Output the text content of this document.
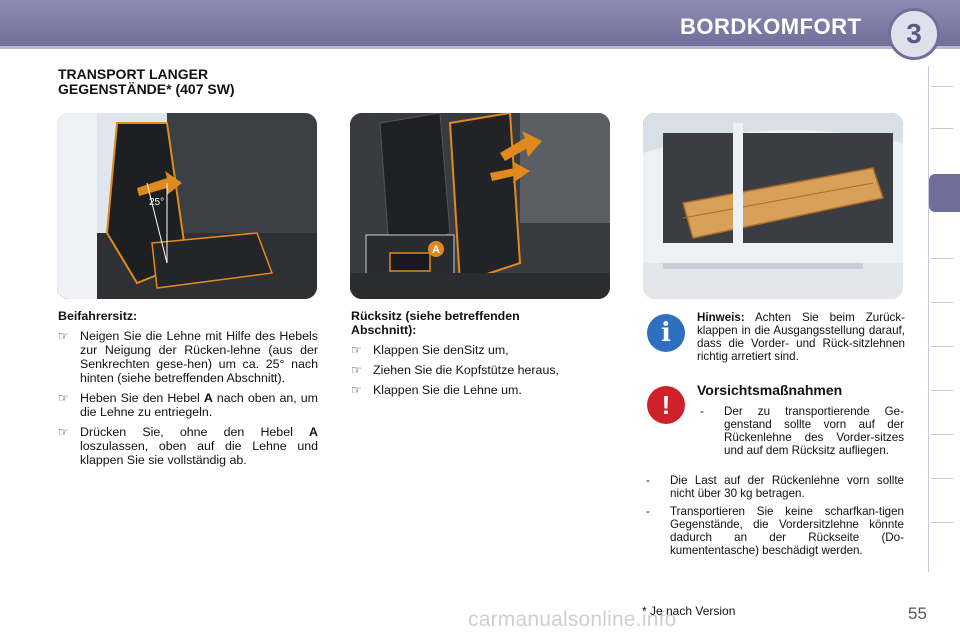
BORDKOMFORT	3
TRANSPORT LANGER
GEGENSTÄNDE* (407 SW)
25°
A
Beifahrersitz:
☞ Neigen Sie die Lehne mit Hilfe des Hebels zur Neigung der Rücken-lehne (aus der Senkrechten gese-hen) um ca. 25° nach hinten (siehe betreffenden Abschnitt).
☞ Heben Sie den Hebel A nach oben an, um die Lehne zu entriegeln.
☞ Drücken Sie, ohne den Hebel A loszulassen, oben auf die Lehne und klappen Sie sie vollständig ab.
Rücksitz (siehe betreffenden
Abschnitt):
☞ Klappen Sie denSitz um,
☞ Ziehen Sie die Kopfstütze heraus,
☞ Klappen Sie die Lehne um.
i
Hinweis: Achten Sie beim Zurück-klappen in die Ausgangsstellung darauf, dass die Vorder- und Rück-sitzlehnen richtig arretiert sind.
!	Vorsichtsmaßnahmen
- Der zu transportierende Ge-genstand sollte vorn auf der Rückenlehne des Vorder-sitzes und auf dem Rücksitz aufliegen.
- Die Last auf der Rückenlehne vorn sollte nicht über 30 kg betragen.
- Transportieren Sie keine scharfkan-tigen Gegenstände, die Vordersitzlehne könnte dadurch an der Rückseite (Do-kumententasche) beschädigt werden.
carmanualsonline.info
* Je nach Version	55
